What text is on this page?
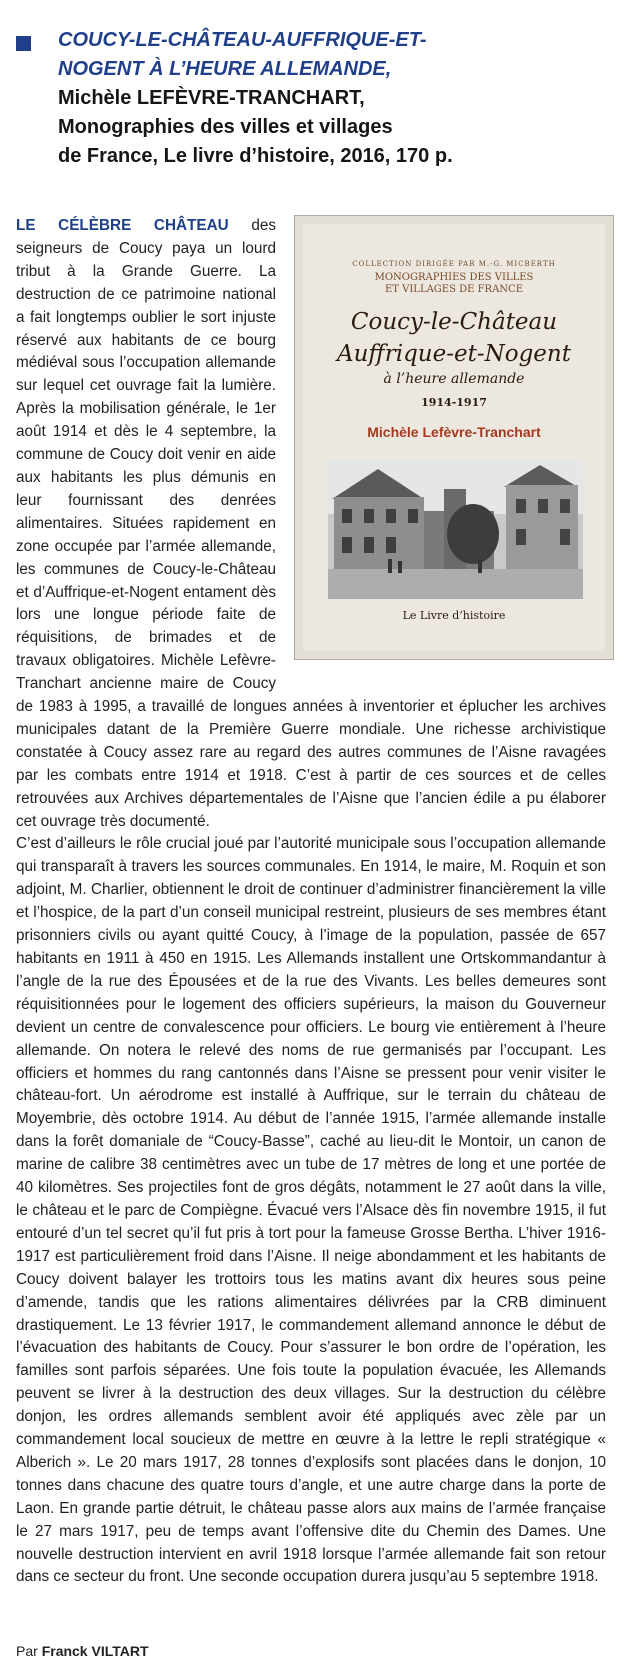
COUCY-LE-CHÂTEAU-AUFFRIQUE-ET-
NOGENT À L’HEURE ALLEMANDE,
Michèle LEFÈVRE-TRANCHART,
Monographies des villes et villages
de France, Le livre d’histoire, 2016, 170 p.
COLLECTION DIRIGÉE PAR M.-G. MICBERTH
MONOGRAPHIES DES VILLES
ET VILLAGES DE FRANCE
Coucy-le-Château
Auffrique-et-Nogent
à l’heure allemande
1914-1917
Michèle Lefèvre-Tranchart
Le Livre d’histoire

LE CÉLÈBRE CHÂTEAU des seigneurs de Coucy paya un lourd tribut à la Grande Guerre. La destruction de ce patrimoine national a fait longtemps oublier le sort injuste réservé aux habitants de ce bourg médiéval sous l’occupation allemande sur lequel cet ouvrage fait la lumière. Après la mobilisation générale, le 1er août 1914 et dès le 4 septembre, la commune de Coucy doit venir en aide aux habitants les plus démunis en leur fournissant des denrées alimentaires. Situées rapidement en zone occupée par l’armée allemande, les communes de Coucy-le-Château et d’Auffrique-et-Nogent entament dès lors une longue période faite de réquisitions, de brimades et de travaux obligatoires. Michèle Lefèvre-Tranchart ancienne maire de Coucy de 1983 à 1995, a travaillé de longues années à inventorier et éplucher les archives municipales datant de la Première Guerre mondiale. Une richesse archivistique constatée à Coucy assez rare au regard des autres communes de l’Aisne ravagées par les combats entre 1914 et 1918. C’est à partir de ces sources et de celles retrouvées aux Archives départementales de l’Aisne que l’ancien édile a pu élaborer cet ouvrage très documenté.

C’est d’ailleurs le rôle crucial joué par l’autorité municipale sous l’occupation allemande qui transparaît à travers les sources communales. En 1914, le maire, M. Roquin et son adjoint, M. Charlier, obtiennent le droit de continuer d’administrer financièrement la ville et l’hospice, de la part d’un conseil municipal restreint, plusieurs de ses membres étant prisonniers civils ou ayant quitté Coucy, à l’image de la population, passée de 657 habitants en 1911 à 450 en 1915. Les Allemands installent une Ortskommandantur à l’angle de la rue des Épousées et de la rue des Vivants. Les belles demeures sont réquisitionnées pour le logement des officiers supérieurs, la maison du Gouverneur devient un centre de convalescence pour officiers. Le bourg vie entièrement à l’heure allemande. On notera le relevé des noms de rue germanisés par l’occupant. Les officiers et hommes du rang cantonnés dans l’Aisne se pressent pour venir visiter le château-fort. Un aérodrome est installé à Auffrique, sur le terrain du château de Moyembrie, dès octobre 1914. Au début de l’année 1915, l’armée allemande installe dans la forêt domaniale de “Coucy-Basse”, caché au lieu-dit le Montoir, un canon de marine de calibre 38 centimètres avec un tube de 17 mètres de long et une portée de 40 kilomètres. Ses projectiles font de gros dégâts, notamment le 27 août dans la ville, le château et le parc de Compiègne. Évacué vers l’Alsace dès fin novembre 1915, il fut entouré d’un tel secret qu’il fut pris à tort pour la fameuse Grosse Bertha. L’hiver 1916-1917 est particulièrement froid dans l’Aisne. Il neige abondamment et les habitants de Coucy doivent balayer les trottoirs tous les matins avant dix heures sous peine d’amende, tandis que les rations alimentaires délivrées par la CRB diminuent drastiquement. Le 13 février 1917, le commandement allemand annonce le début de l’évacuation des habitants de Coucy. Pour s’assurer le bon ordre de l’opération, les familles sont parfois séparées. Une fois toute la population évacuée, les Allemands peuvent se livrer à la destruction des deux villages. Sur la destruction du célèbre donjon, les ordres allemands semblent avoir été appliqués avec zèle par un commandement local soucieux de mettre en œuvre à la lettre le repli stratégique « Alberich ». Le 20 mars 1917, 28 tonnes d’explosifs sont placées dans le donjon, 10 tonnes dans chacune des quatre tours d’angle, et une autre charge dans la porte de Laon. En grande partie détruit, le château passe alors aux mains de l’armée française le 27 mars 1917, peu de temps avant l’offensive dite du Chemin des Dames. Une nouvelle destruction intervient en avril 1918 lorsque l’armée allemande fait son retour dans ce secteur du front. Une seconde occupation durera jusqu’au 5 septembre 1918.

Par Franck VILTART
